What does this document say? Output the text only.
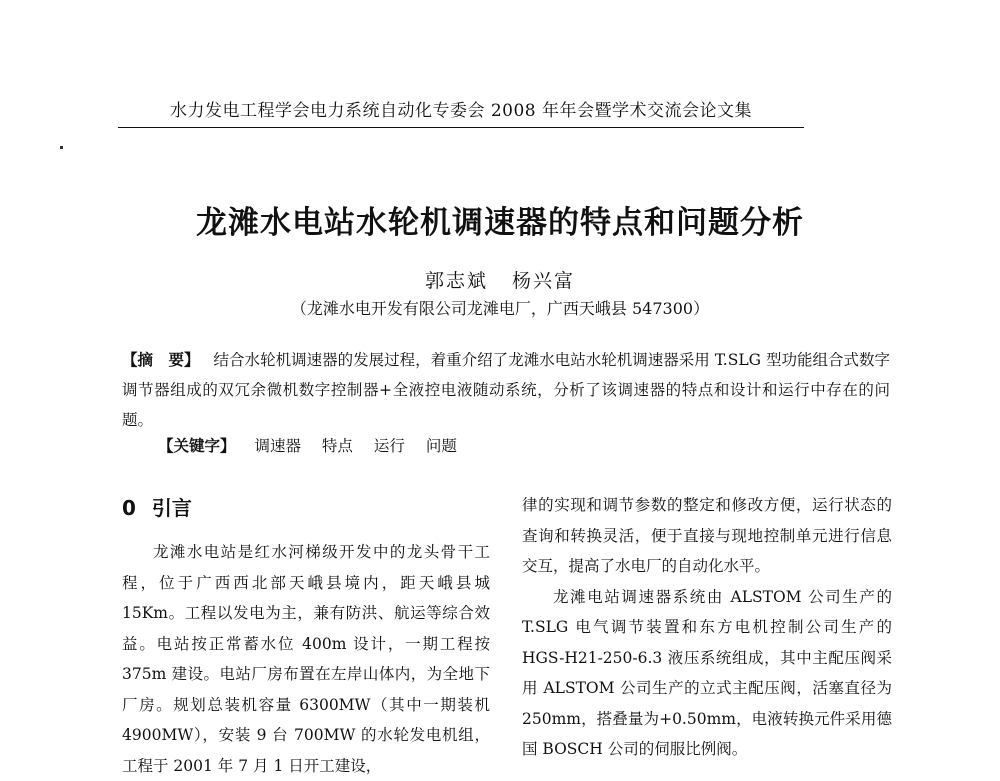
水力发电工程学会电力系统自动化专委会 2008 年年会暨学术交流会论文集
龙滩水电站水轮机调速器的特点和问题分析
郭志斌   杨兴富
（龙滩水电开发有限公司龙滩电厂，广西天峨县 547300）
【摘　要】 结合水轮机调速器的发展过程，着重介绍了龙滩水电站水轮机调速器采用 T.SLG 型功能组合式数字调节器组成的双冗余微机数字控制器+全液控电液随动系统，分析了该调速器的特点和设计和运行中存在的问题。
【关键字】 调速器 特点 运行 问题
0 引言

龙滩水电站是红水河梯级开发中的龙头骨干工程，位于广西西北部天峨县境内，距天峨县城 15Km。工程以发电为主，兼有防洪、航运等综合效益。电站按正常蓄水位 400m 设计，一期工程按 375m 建设。电站厂房布置在左岸山体内，为全地下厂房。规划总装机容量 6300MW（其中一期装机 4900MW），安装 9 台 700MW 的水轮发电机组，工程于 2001 年 7 月 1 日开工建设，

律的实现和调节参数的整定和修改方便，运行状态的查询和转换灵活，便于直接与现地控制单元进行信息交互，提高了水电厂的自动化水平。

龙滩电站调速器系统由 ALSTOM 公司生产的 T.SLG 电气调节装置和东方电机控制公司生产的 HGS-H21-250-6.3 液压系统组成，其中主配压阀采用 ALSTOM 公司生产的立式主配压阀，活塞直径为 250mm，搭叠量为+0.50mm，电液转换元件采用德国 BOSCH 公司的伺服比例阀。
